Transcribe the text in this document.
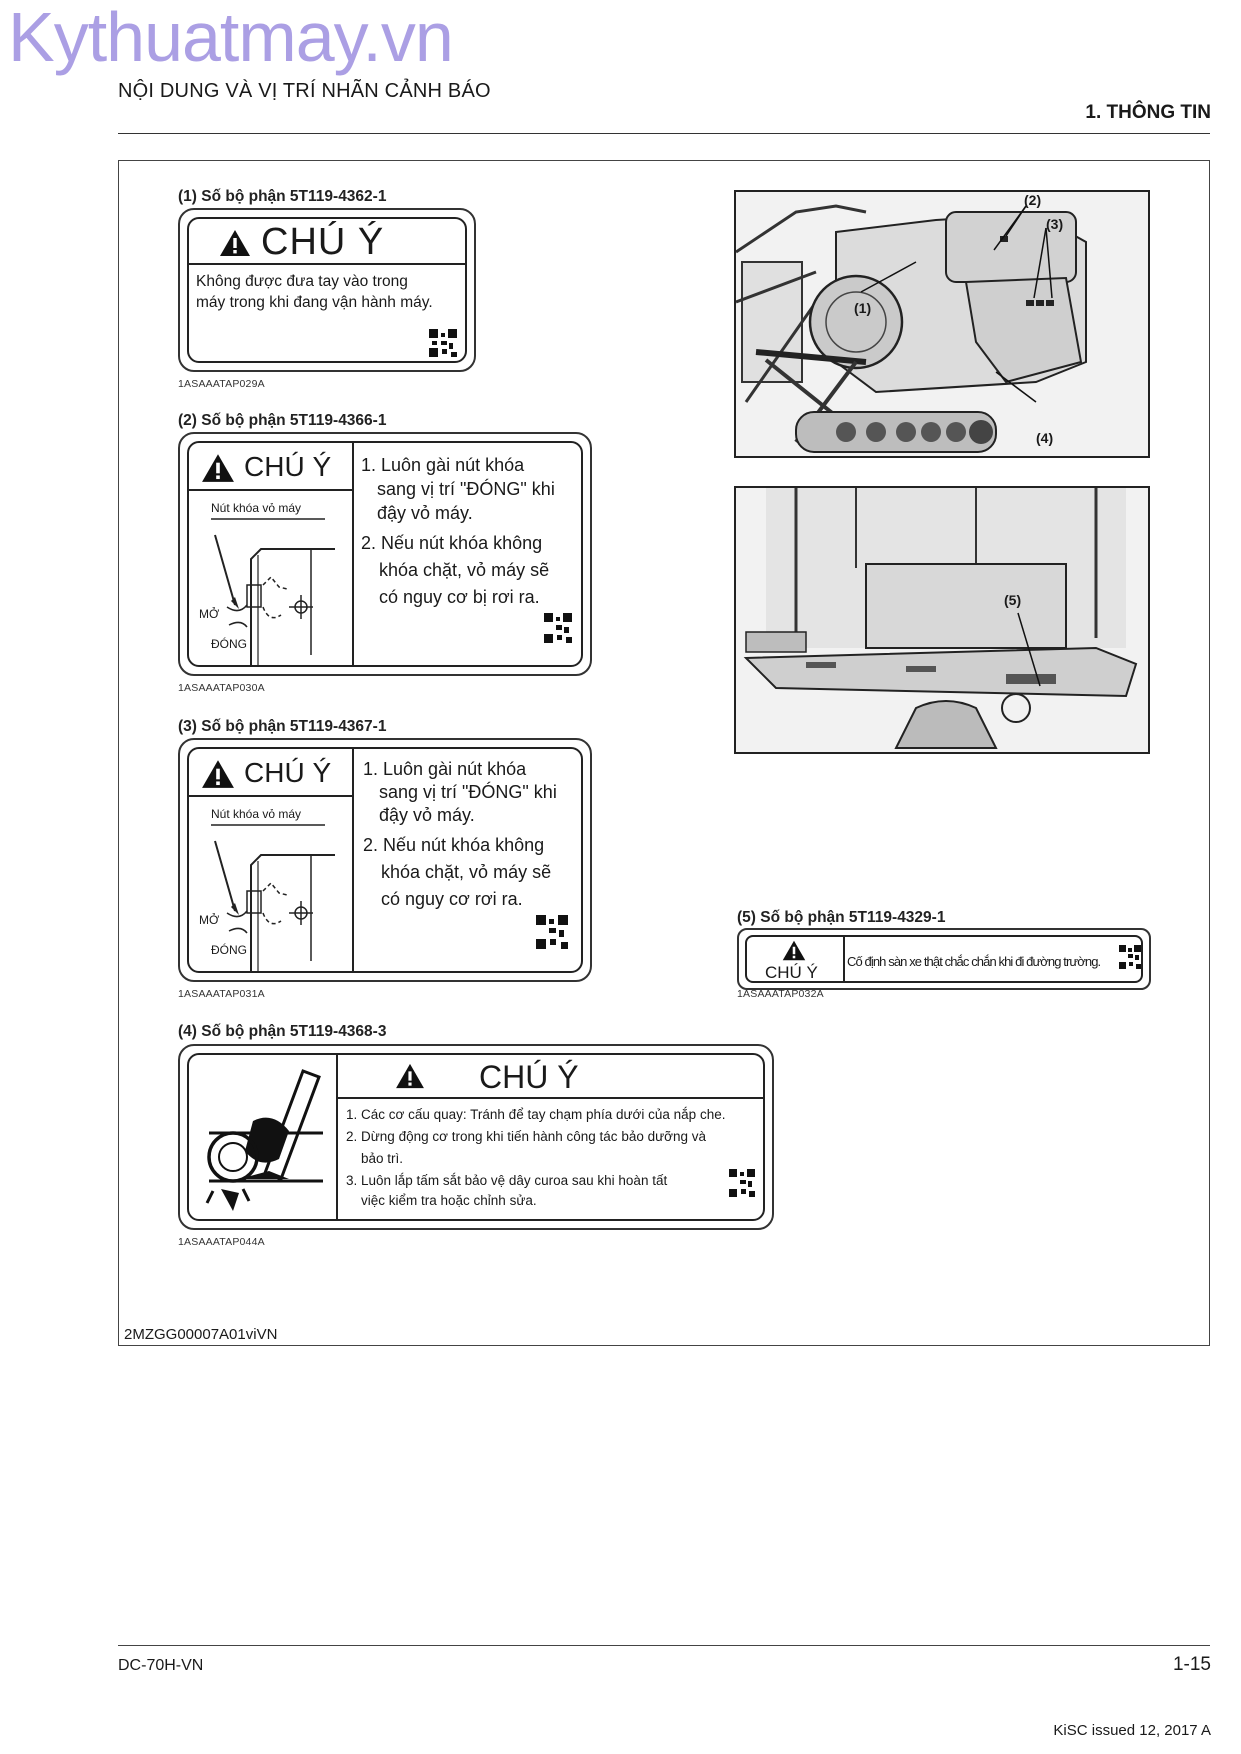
Kythuatmay.vn
NỘI DUNG VÀ VỊ TRÍ NHÃN CẢNH BÁO
1. THÔNG TIN
(1) Số bộ phận 5T119-4362-1
CHÚ Ý
Không được đưa tay vào trong
máy trong khi đang vận hành máy.
1ASAAATAP029A
(2) Số bộ phận 5T119-4366-1
CHÚ Ý
Nút khóa vỏ máy
MỞ
ĐÓNG
1. Luôn gài nút khóa
sang vị trí "ĐÓNG" khi
đậy vỏ máy.
2. Nếu nút khóa không
khóa chặt, vỏ máy sẽ
có nguy cơ bị rơi ra.
1ASAAATAP030A
(3) Số bộ phận 5T119-4367-1
CHÚ Ý
Nút khóa vỏ máy
MỞ
ĐÓNG
1. Luôn gài nút khóa
sang vị trí "ĐÓNG" khi
đậy vỏ máy.
2. Nếu nút khóa không
khóa chặt, vỏ máy sẽ
có nguy cơ rơi ra.
1ASAAATAP031A
(4) Số bộ phận 5T119-4368-3
CHÚ Ý
1. Các cơ cấu quay: Tránh để tay chạm phía dưới của nắp che.
2. Dừng động cơ trong khi tiến hành công tác bảo dưỡng và
bảo trì.
3. Luôn lắp tấm sắt bảo vệ dây curoa sau khi hoàn tất
việc kiểm tra hoặc chỉnh sửa.
1ASAAATAP044A
(5) Số bộ phận 5T119-4329-1
CHÚ Ý
Cố định sàn xe thật chắc chắn khi đi đường trường.
1ASAAATAP032A
(1)
(2)
(3)
(4)
(5)
2MZGG00007A01viVN
DC-70H-VN	1-15
KiSC issued 12, 2017 A
